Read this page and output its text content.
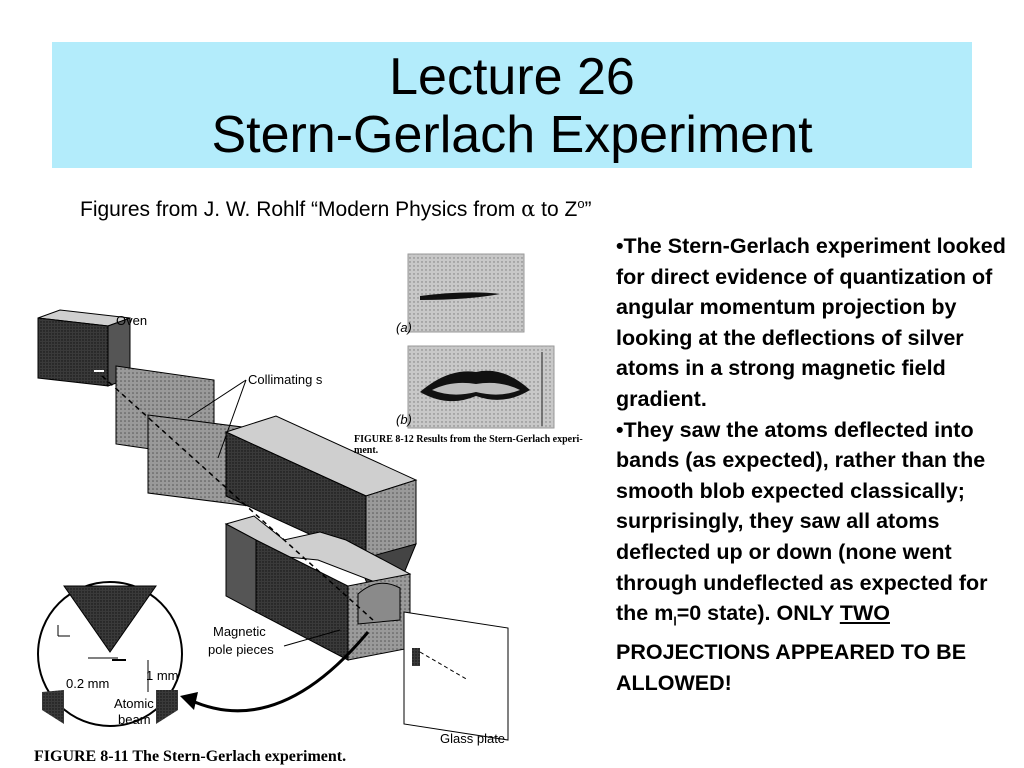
Lecture 26
Stern-Gerlach Experiment
Figures from J. W. Rohlf “Modern Physics from α to $Z^o$”

•The Stern-Gerlach experiment looked for direct evidence of quantization of angular momentum projection by looking at the deflections of silver atoms in a strong magnetic field gradient.

•They saw the atoms deflected into bands (as expected), rather than the smooth blob expected classically; surprisingly, they saw all atoms deflected up or down (none went through undeflected as expected for the $m_l=0$ state). ONLY TWO PROJECTIONS APPEARED TO BE ALLOWED!

Oven
Collimating s
Glass plate
Magnetic
pole pieces
0.2 mm
1 mm
Atomic
beam
(a)
(b)
FIGURE 8-12 Results from the Stern-Gerlach experi-
ment.
FIGURE 8-11 The Stern-Gerlach experiment.
